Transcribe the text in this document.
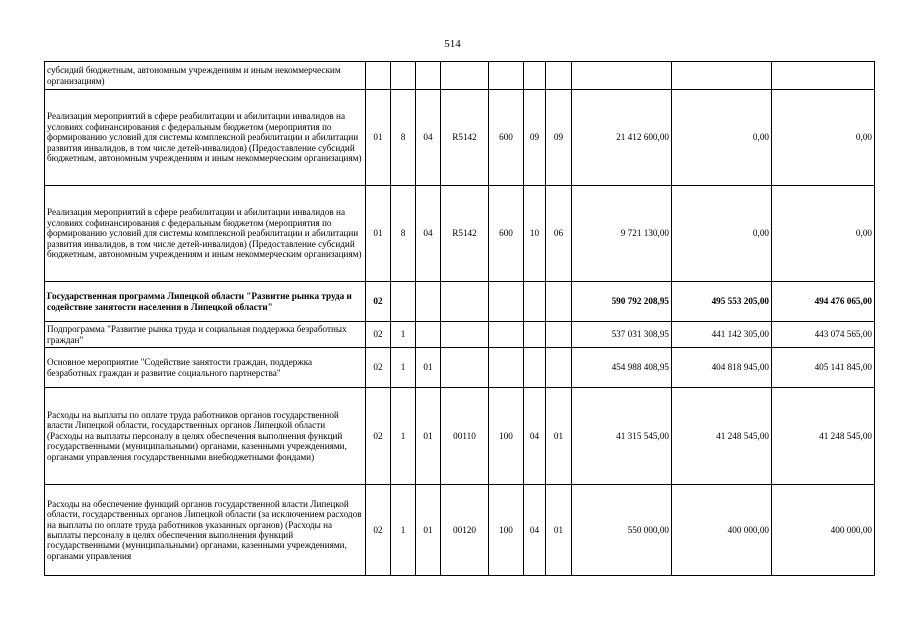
514
субсидий бюджетным, автономным учреждениям и иным некоммерческим организациям)										
Реализация мероприятий в сфере реабилитации и абилитации инвалидов на условиях софинансирования с федеральным бюджетом (мероприятия по формированию условий для системы комплексной реабилитации и абилитации развития инвалидов, в том числе детей-инвалидов) (Предоставление субсидий бюджетным, автономным учреждениям и иным некоммерческим организациям)	01	8	04	R5142	600	09	09	21 412 600,00	0,00	0,00
Реализация мероприятий в сфере реабилитации и абилитации инвалидов на условиях софинансирования с федеральным бюджетом (мероприятия по формированию условий для системы комплексной реабилитации и абилитации развития инвалидов, в том числе детей-инвалидов) (Предоставление субсидий бюджетным, автономным учреждениям и иным некоммерческим организациям)	01	8	04	R5142	600	10	06	9 721 130,00	0,00	0,00
Государственная программа Липецкой области "Развитие рынка труда и содействие занятости населения в Липецкой области"	02							590 792 208,95	495 553 205,00	494 476 065,00
Подпрограмма "Развитие рынка труда и социальная поддержка безработных граждан"	02	1						537 031 308,95	441 142 305,00	443 074 565,00
Основное мероприятие "Содействие занятости граждан, поддержка безработных граждан и развитие социального партнерства"	02	1	01					454 988 408,95	404 818 945,00	405 141 845,00
Расходы на выплаты по оплате труда работников органов государственной власти Липецкой области, государственных органов Липецкой области (Расходы на выплаты персоналу в целях обеспечения выполнения функций государственными (муниципальными) органами, казенными учреждениями, органами управления государственными внебюджетными фондами)	02	1	01	00110	100	04	01	41 315 545,00	41 248 545,00	41 248 545,00
Расходы на обеспечение функций органов государственной власти Липецкой области, государственных органов Липецкой области (за исключением расходов на выплаты по оплате труда работников указанных органов) (Расходы на выплаты персоналу в целях обеспечения выполнения функций государственными (муниципальными) органами, казенными учреждениями, органами управления	02	1	01	00120	100	04	01	550 000,00	400 000,00	400 000,00
